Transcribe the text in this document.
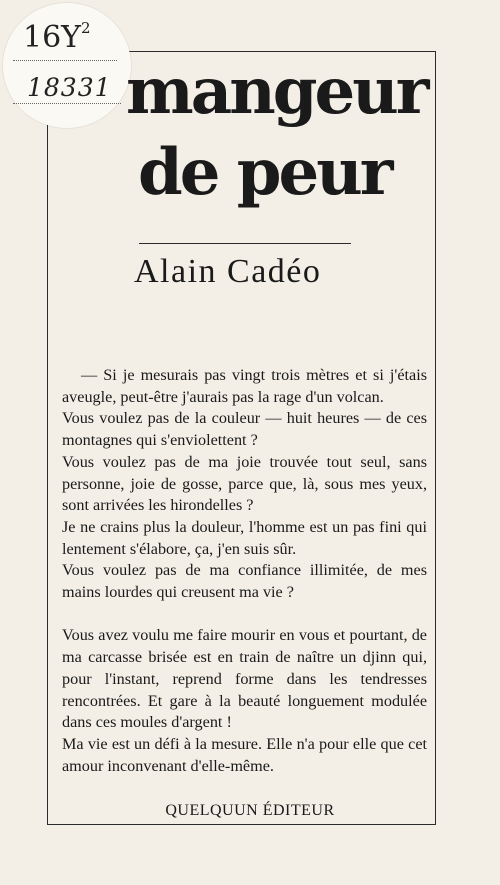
$16Y^2$
18331 mangeur
de peur
Alain Cadéo

— Si je mesurais pas vingt trois mètres et si j'étais aveugle, peut-être j'aurais pas la rage d'un volcan.

Vous voulez pas de la couleur — huit heures — de ces montagnes qui s'enviolettent ?

Vous voulez pas de ma joie trouvée tout seul, sans personne, joie de gosse, parce que, là, sous mes yeux, sont arrivées les hirondelles ?

Je ne crains plus la douleur, l'homme est un pas fini qui lentement s'élabore, ça, j'en suis sûr.

Vous voulez pas de ma confiance illimitée, de mes mains lourdes qui creusent ma vie ?

Vous avez voulu me faire mourir en vous et pourtant, de ma carcasse brisée est en train de naître un djinn qui, pour l'instant, reprend forme dans les tendresses rencontrées. Et gare à la beauté longuement modulée dans ces moules d'argent !

Ma vie est un défi à la mesure. Elle n'a pour elle que cet amour inconvenant d'elle-même.

QUELQUUN ÉDITEUR
